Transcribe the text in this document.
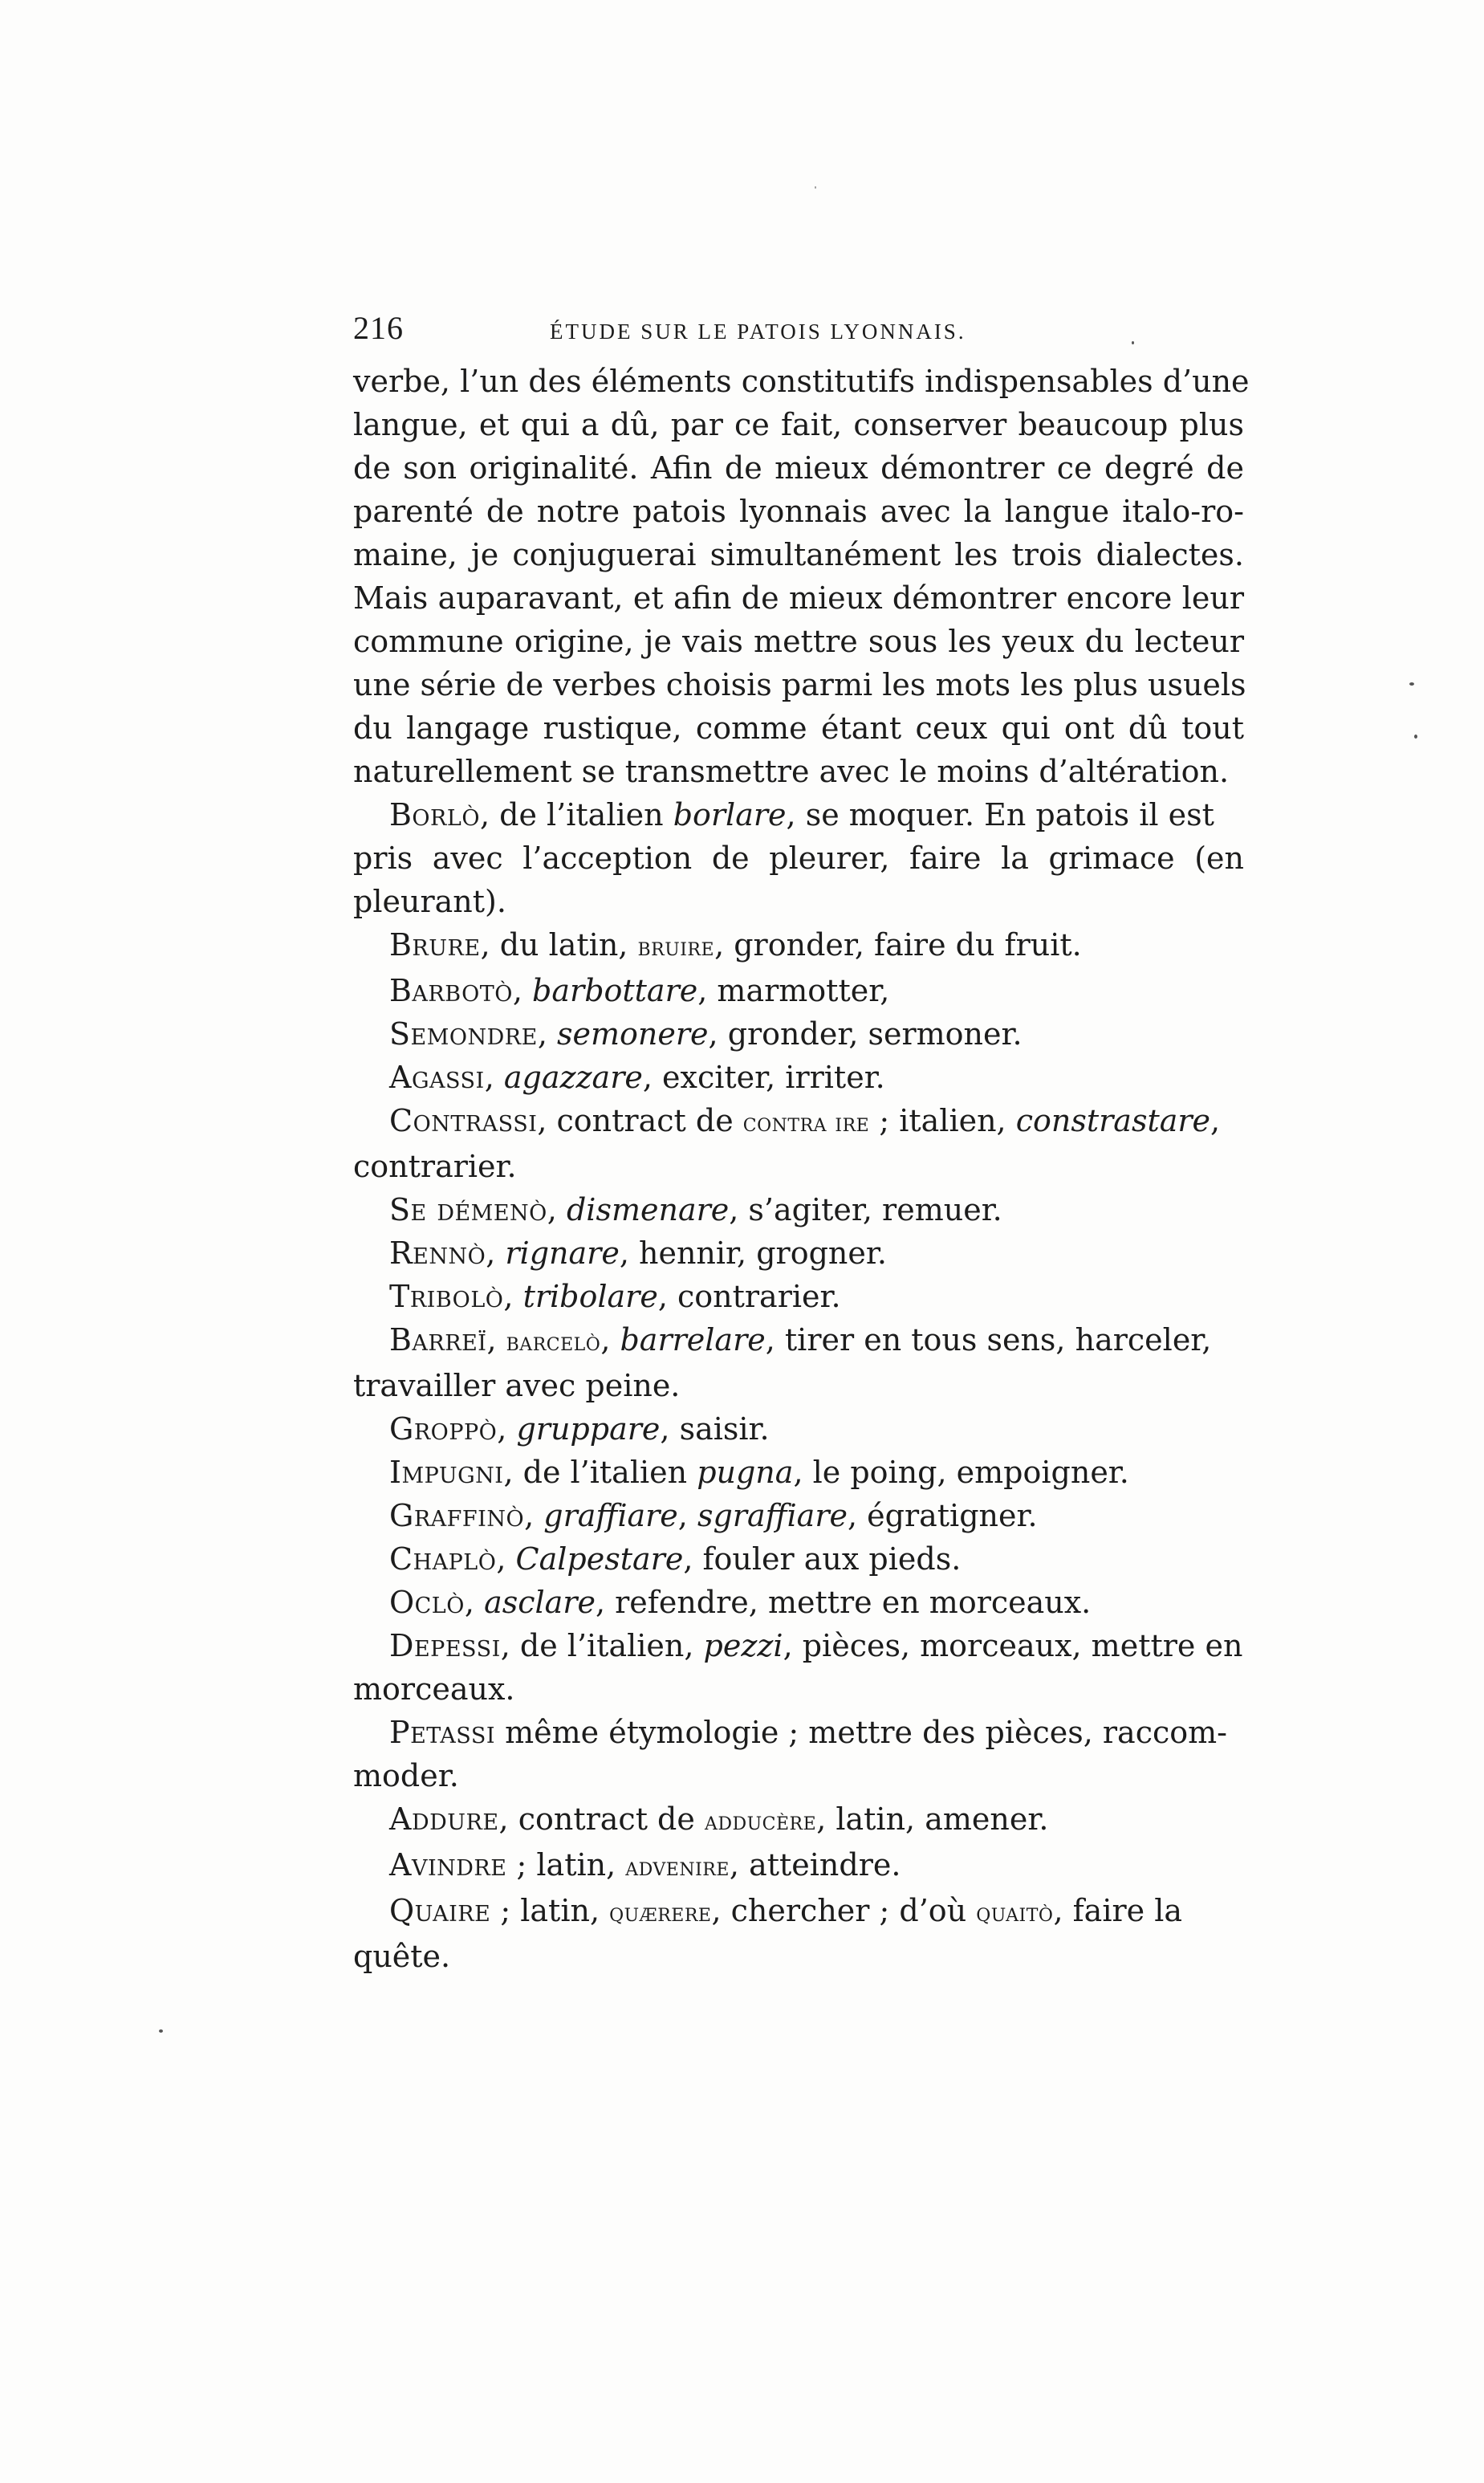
216	ÉTUDE SUR LE PATOIS LYONNAIS.

verbe, l’un des éléments constitutifs indispensables d’une

langue, et qui a dû, par ce fait, conserver beaucoup plus

de son originalité. Afin de mieux démontrer ce degré de

parenté de notre patois lyonnais avec la langue italo-ro-

maine, je conjuguerai simultanément les trois dialectes.

Mais auparavant, et afin de mieux démontrer encore leur

commune origine, je vais mettre sous les yeux du lecteur

une série de verbes choisis parmi les mots les plus usuels

du langage rustique, comme étant ceux qui ont dû tout

naturellement se transmettre avec le moins d’altération.

Borlò, de l’italien borlare, se moquer. En patois il est
pris avec l’acception de pleurer, faire la grimace (en pleurant).

Brure, du latin, bruire, gronder, faire du fruit.

Barbotò, barbottare, marmotter,

Semondre, semonere, gronder, sermoner.

Agassi, agazzare, exciter, irriter.

Contrassi, contract de contra ire ; italien, constrastare,
contrarier.

Se démenò, dismenare, s’agiter, remuer.

Rennò, rignare, hennir, grogner.

Tribolò, tribolare, contrarier.

Barreï, barcelò, barrelare, tirer en tous sens, harceler,
travailler avec peine.

Groppò, gruppare, saisir.

Impugni, de l’italien pugna, le poing, empoigner.

Graffinò, graffiare, sgraffiare, égratigner.

Chaplò, Calpestare, fouler aux pieds.

Oclò, asclare, refendre, mettre en morceaux.

Depessi, de l’italien, pezzi, pièces, morceaux, mettre en
morceaux.

Petassi même étymologie ; mettre des pièces, raccom-
moder.

Addure, contract de adducère, latin, amener.

Avindre ; latin, advenire, atteindre.

Quaire ; latin, quærere, chercher ; d’où quaitò, faire la
quête.
